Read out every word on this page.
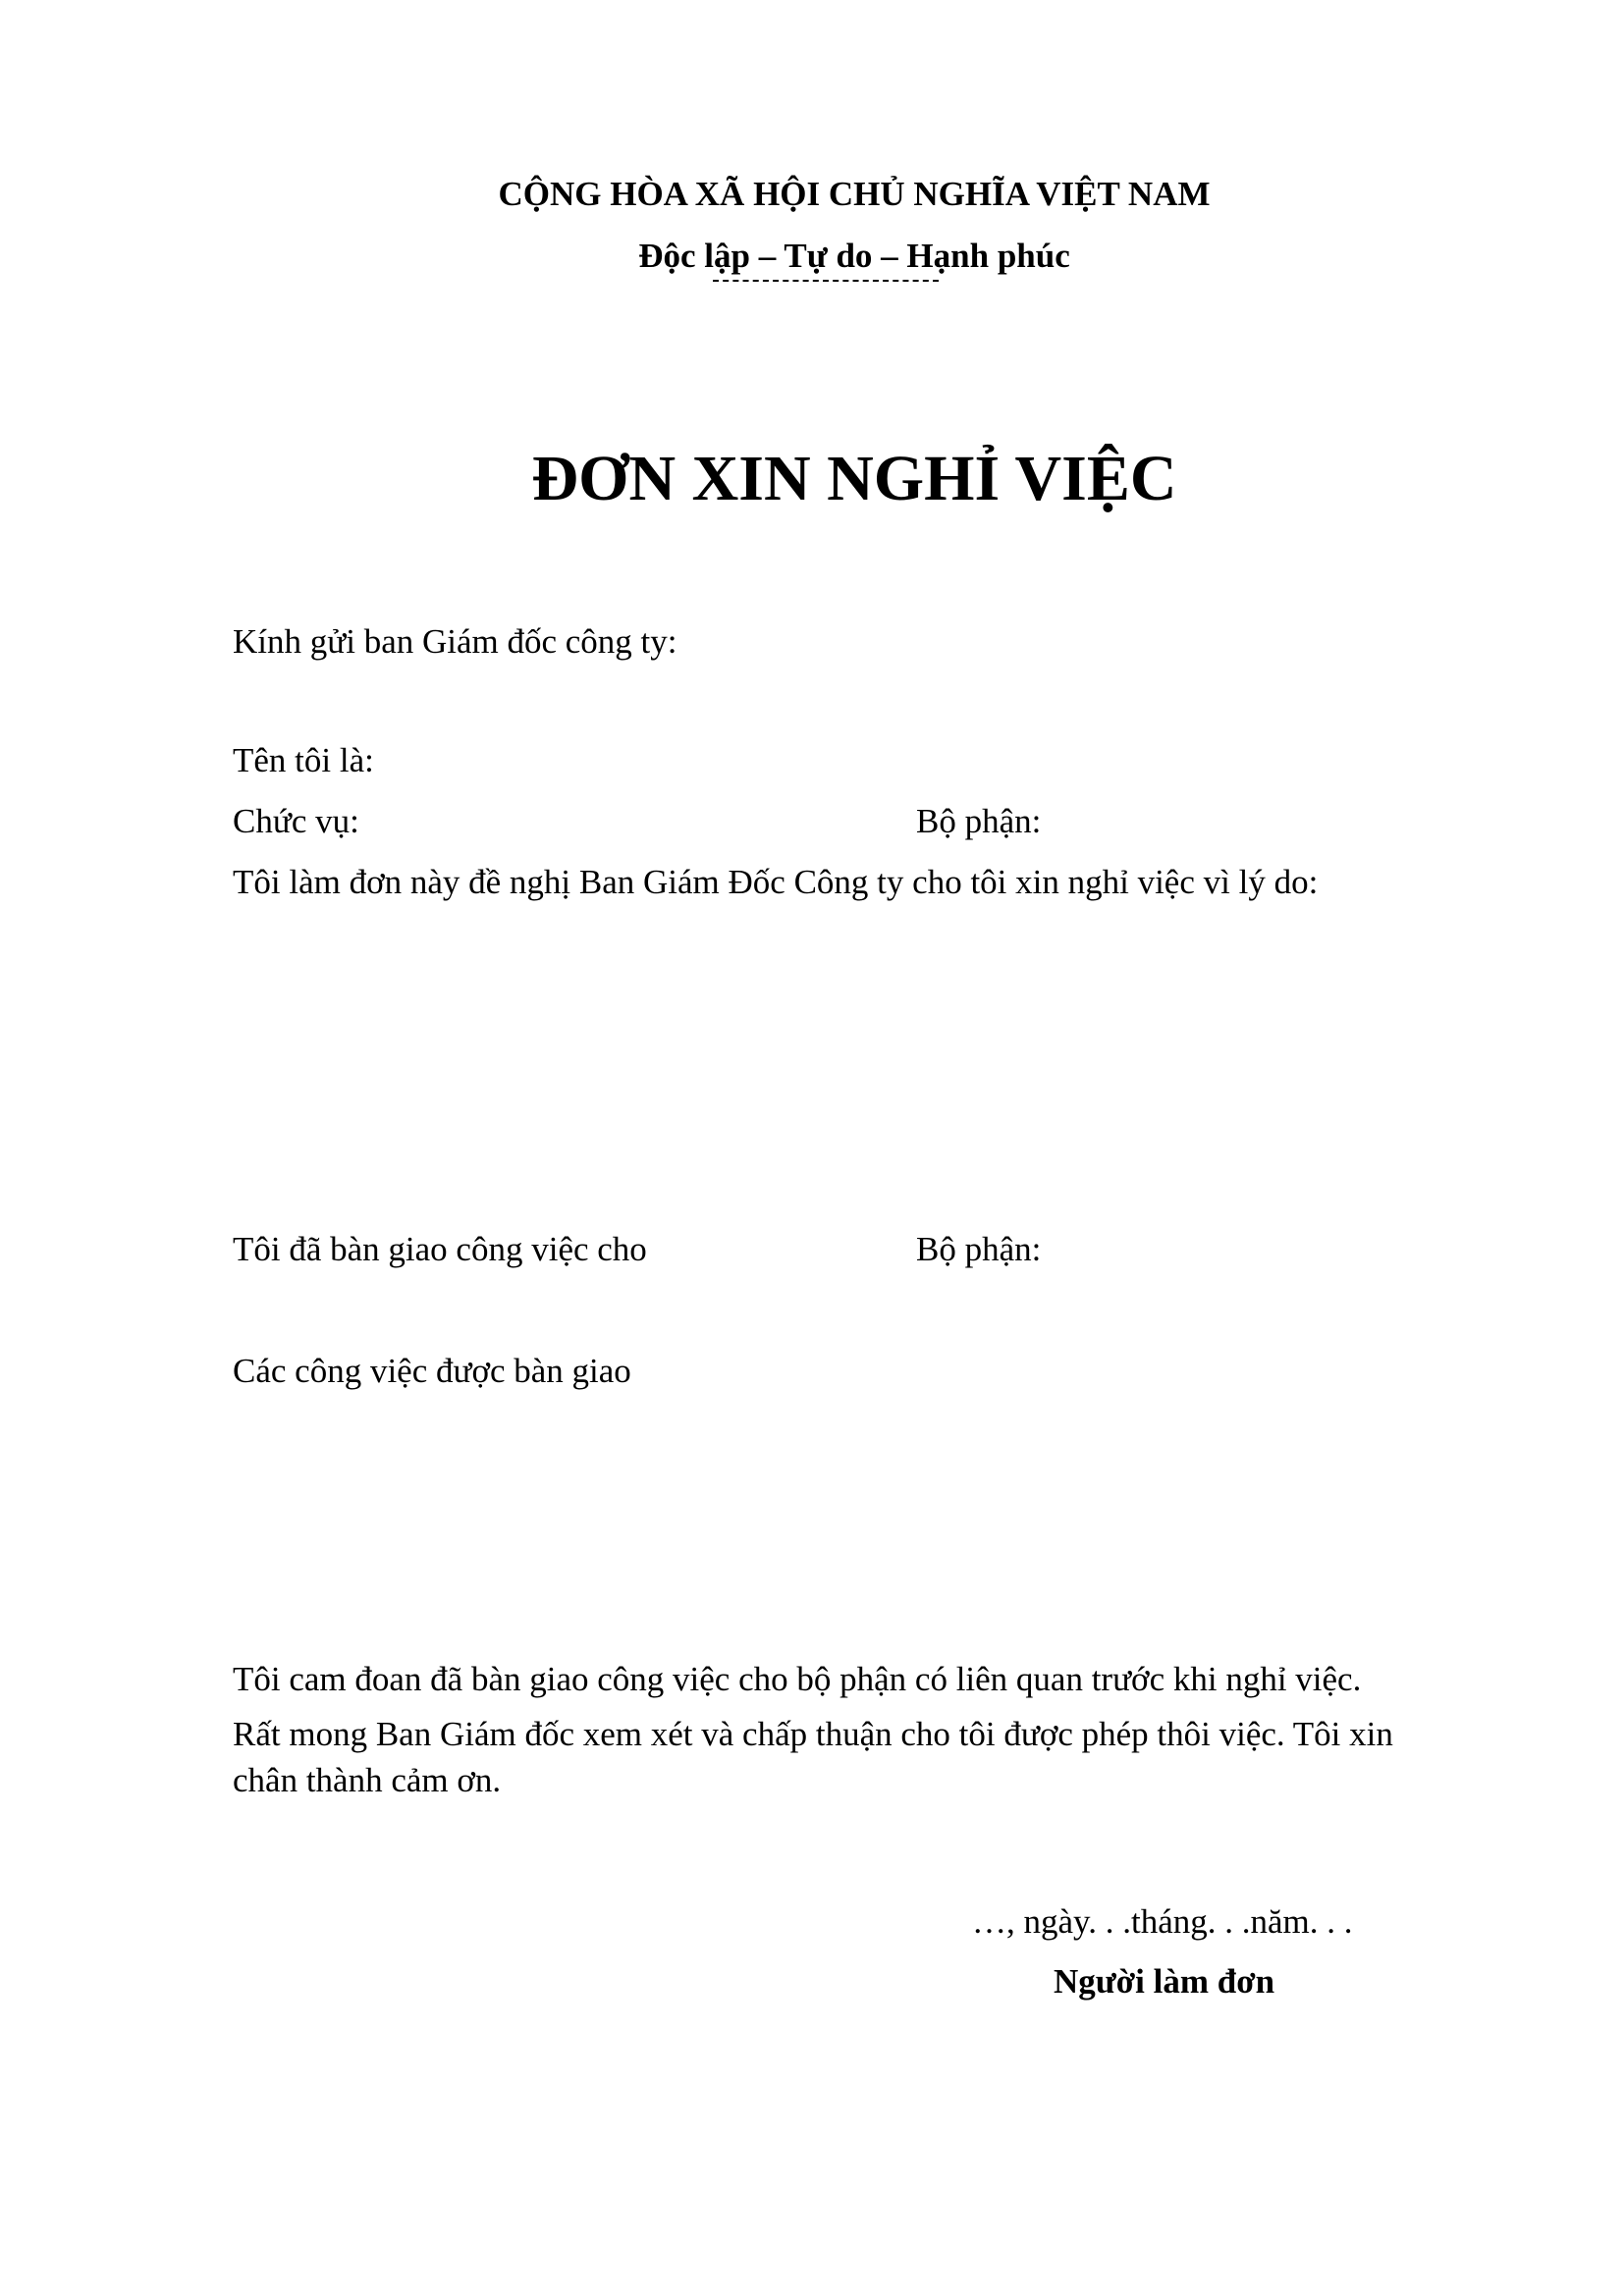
CỘNG HÒA XÃ HỘI CHỦ NGHĨA VIỆT NAM
Độc lập – Tự do – Hạnh phúc
ĐƠN XIN NGHỈ VIỆC
Kính gửi ban Giám đốc công ty:
Tên tôi là:
Chức vụ:	Bộ phận:
Tôi làm đơn này đề nghị Ban Giám Đốc Công ty cho tôi xin nghỉ việc vì lý do:
Tôi đã bàn giao công việc cho	Bộ phận:
Các công việc được bàn giao
Tôi cam đoan đã bàn giao công việc cho bộ phận có liên quan trước khi nghỉ việc.
Rất mong Ban Giám đốc xem xét và chấp thuận cho tôi được phép thôi việc. Tôi xin chân thành cảm ơn.
…, ngày. . .tháng. . .năm. . .
Người làm đơn
